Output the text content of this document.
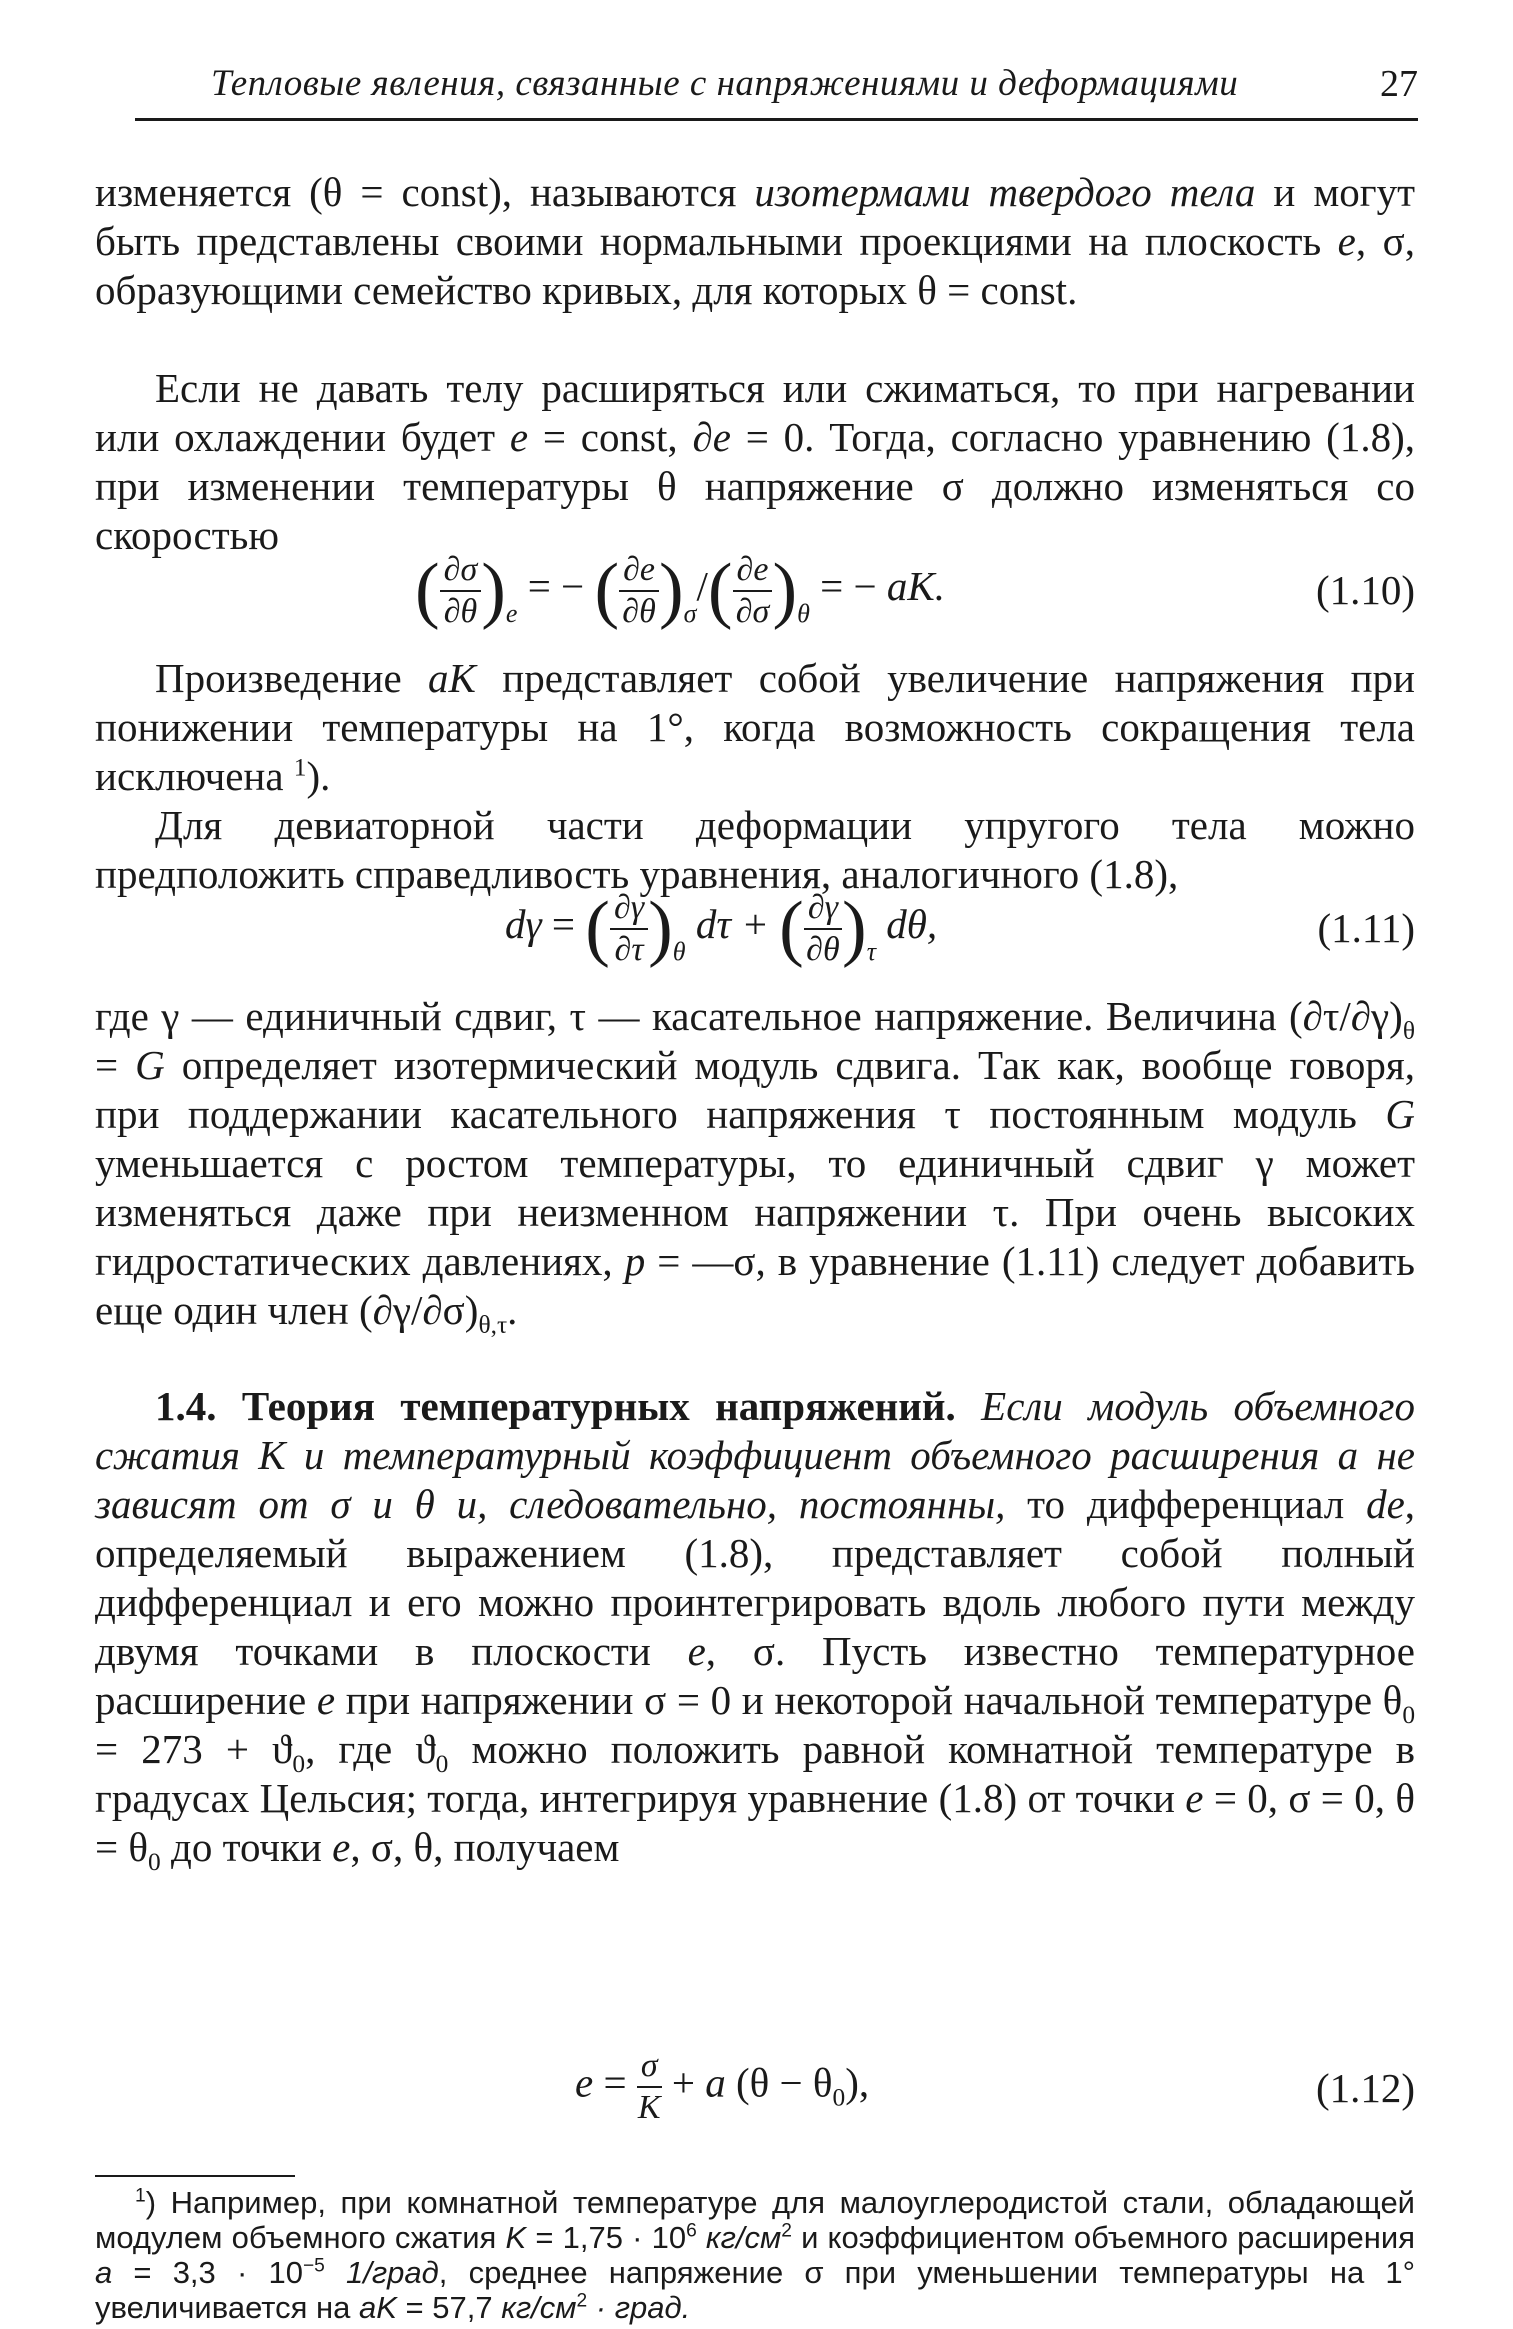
Тепловые явления, связанные с напряжениями и деформациями	27

изменяется (θ = const), называются изотермами твердого тела и могут быть представлены своими нормальными проекциями на плоскость e, σ, образующими семейство кривых, для которых θ = const.

Если не давать телу расширяться или сжиматься, то при нагревании или охлаждении будет e = const, ∂e = 0. Тогда, согласно уравнению (1.8), при изменении температуры θ напряжение σ должно изменяться со скоростью

( $\frac{\partial\sigma}{\partial\theta} )_e$ = − ( $\frac{\partial e}{\partial\theta} )_\sigma/( \frac{\partial e}{\partial\sigma} )_\theta$ = − aK.	(1.10)

Произведение aK представляет собой увеличение напряжения при понижении температуры на 1°, когда возможность сокращения тела исключена $^1$).

Для девиаторной части деформации упругого тела можно предположить справедливость уравнения, аналогичного (1.8),

dγ = ( $\frac{\partial\gamma}{\partial\tau} )_\theta$ dτ + ( $\frac{\partial\gamma}{\partial\theta} )_\tau$ dθ,	(1.11)

где γ — единичный сдвиг, τ — касательное напряжение. Величина $(\partial\tau/\partial\gamma)_\theta = G$ определяет изотермический модуль сдвига. Так как, вообще говоря, при поддержании касательного напряжения τ постоянным модуль G уменьшается с ростом температуры, то единичный сдвиг γ может изменяться даже при неизменном напряжении τ. При очень высоких гидростатических давлениях, p = —σ, в уравнение (1.11) следует добавить еще один член $(\partial\gamma/\partial\sigma)_{\theta,\tau}$.

1.4. Теория температурных напряжений. Если модуль объемного сжатия K и температурный коэффициент объемного расширения a не зависят от σ и θ и, следовательно, постоянны, то дифференциал de, определяемый выражением (1.8), представляет собой полный дифференциал и его можно проинтегрировать вдоль любого пути между двумя точками в плоскости e, σ. Пусть известно температурное расширение e при напряжении σ = 0 и некоторой начальной температуре $\theta_0 = 273 + ϑ_0$, где $ϑ_0$ можно положить равной комнатной температуре в градусах Цельсия; тогда, интегрируя уравнение (1.8) от точки e = 0, σ = 0, $\theta = \theta_0$ до точки e, σ, θ, получаем

$e = \frac{\sigma}{K} + a$ $(\theta - \theta_0)$,	(1.12)

$^1$) Например, при комнатной температуре для малоуглеродистой стали, обладающей модулем объемного сжатия $K = 1,75 \cdot 10^6$ $кг/см^2$ и коэффициентом объемного расширения $a = 3,3 \cdot 10^{-5}$ 1/град, среднее напряжение σ при уменьшении температуры на 1° увеличивается на aK = 57,7 $кг/см^2$ · град.
